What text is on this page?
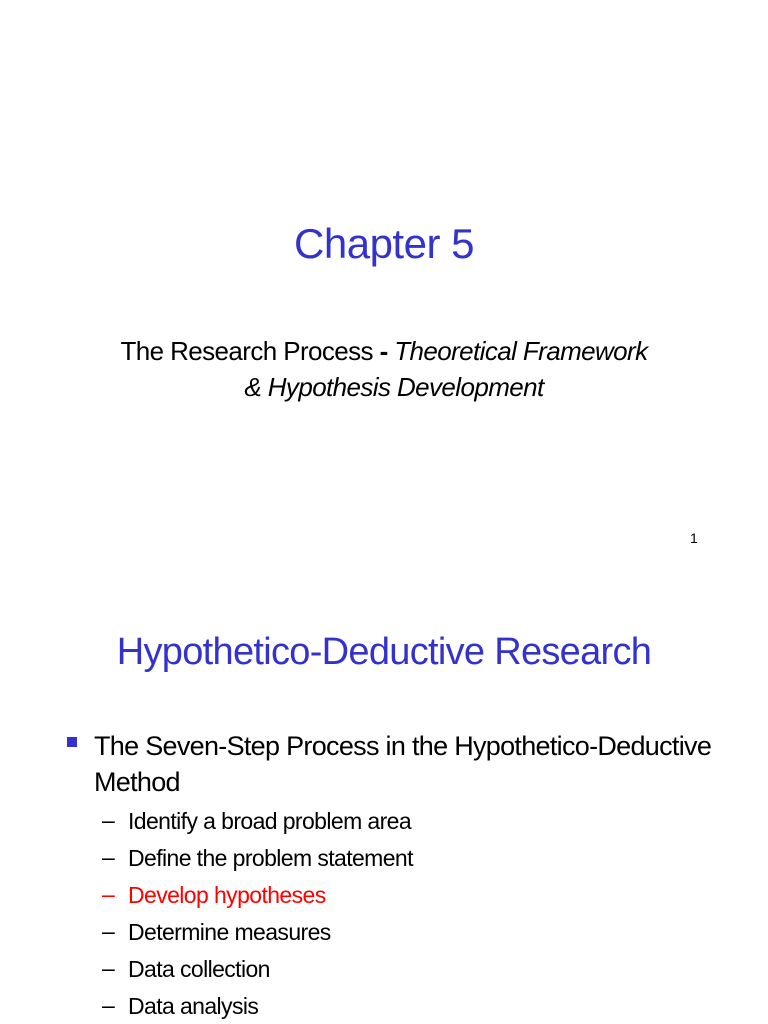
Chapter 5
The Research Process - Theoretical Framework
& Hypothesis Development
1
Hypothetico-Deductive Research
The Seven-Step Process in the Hypothetico-Deductive Method
– Identify a broad problem area
– Define the problem statement
– Develop hypotheses
– Determine measures
– Data collection
– Data analysis
